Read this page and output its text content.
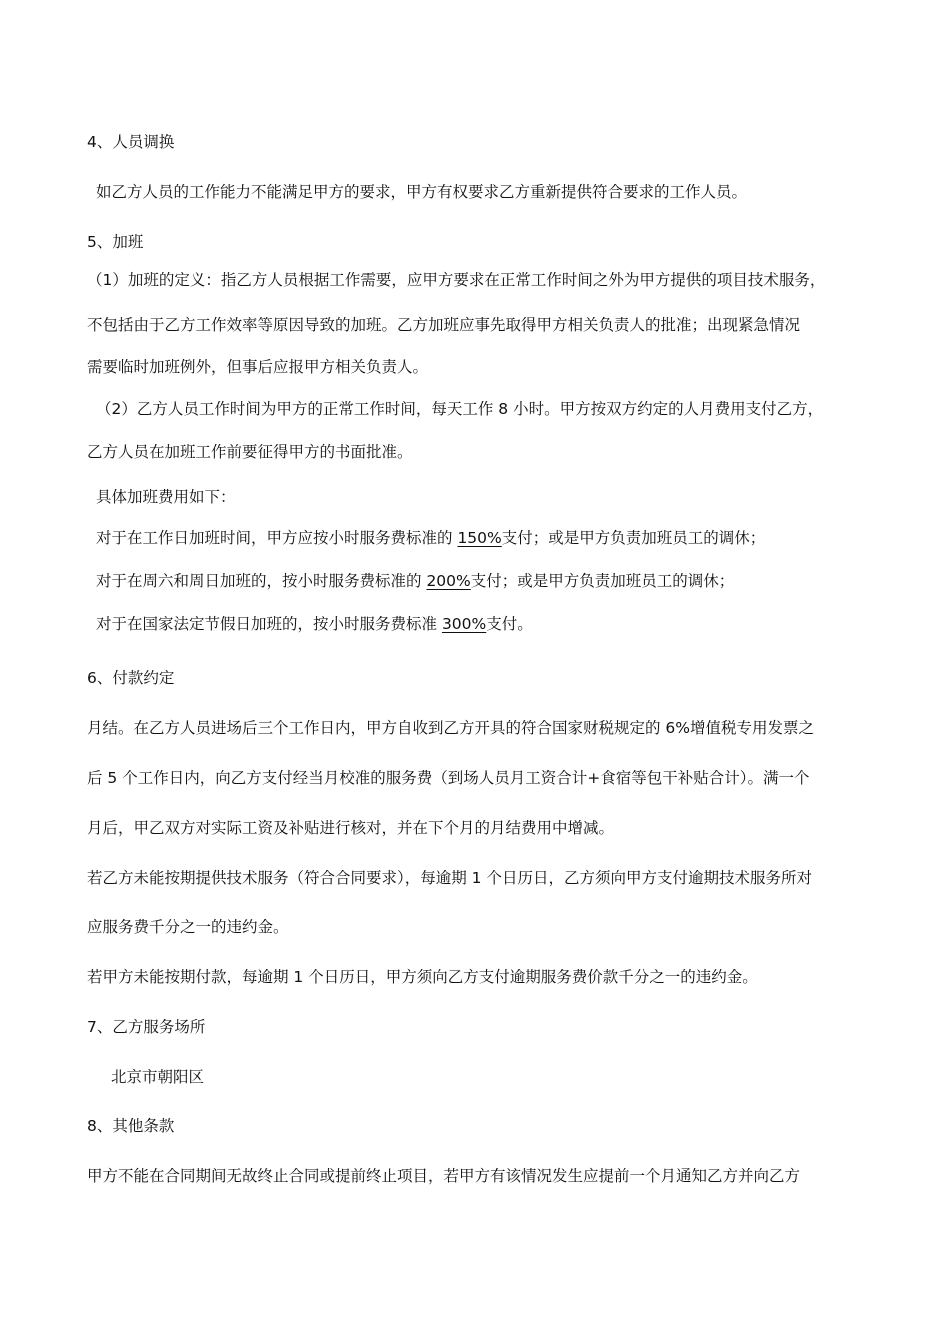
4、人员调换
如乙方人员的工作能力不能满足甲方的要求，甲方有权要求乙方重新提供符合要求的工作人员。
5、加班
（1）加班的定义：指乙方人员根据工作需要，应甲方要求在正常工作时间之外为甲方提供的项目技术服务，
不包括由于乙方工作效率等原因导致的加班。乙方加班应事先取得甲方相关负责人的批准；出现紧急情况
需要临时加班例外，但事后应报甲方相关负责人。
（2）乙方人员工作时间为甲方的正常工作时间，每天工作 8 小时。甲方按双方约定的人月费用支付乙方，
乙方人员在加班工作前要征得甲方的书面批准。
具体加班费用如下：
对于在工作日加班时间，甲方应按小时服务费标准的 150%支付；或是甲方负责加班员工的调休；
对于在周六和周日加班的，按小时服务费标准的 200%支付；或是甲方负责加班员工的调休；
对于在国家法定节假日加班的，按小时服务费标准 300%支付。
6、付款约定
月结。在乙方人员进场后三个工作日内，甲方自收到乙方开具的符合国家财税规定的 6%增值税专用发票之
后 5 个工作日内，向乙方支付经当月校准的服务费（到场人员月工资合计+食宿等包干补贴合计）。满一个
月后，甲乙双方对实际工资及补贴进行核对，并在下个月的月结费用中增减。
若乙方未能按期提供技术服务（符合合同要求），每逾期 1 个日历日，乙方须向甲方支付逾期技术服务所对
应服务费千分之一的违约金。
若甲方未能按期付款，每逾期 1 个日历日，甲方须向乙方支付逾期服务费价款千分之一的违约金。
7、乙方服务场所
北京市朝阳区
8、其他条款
甲方不能在合同期间无故终止合同或提前终止项目，若甲方有该情况发生应提前一个月通知乙方并向乙方
